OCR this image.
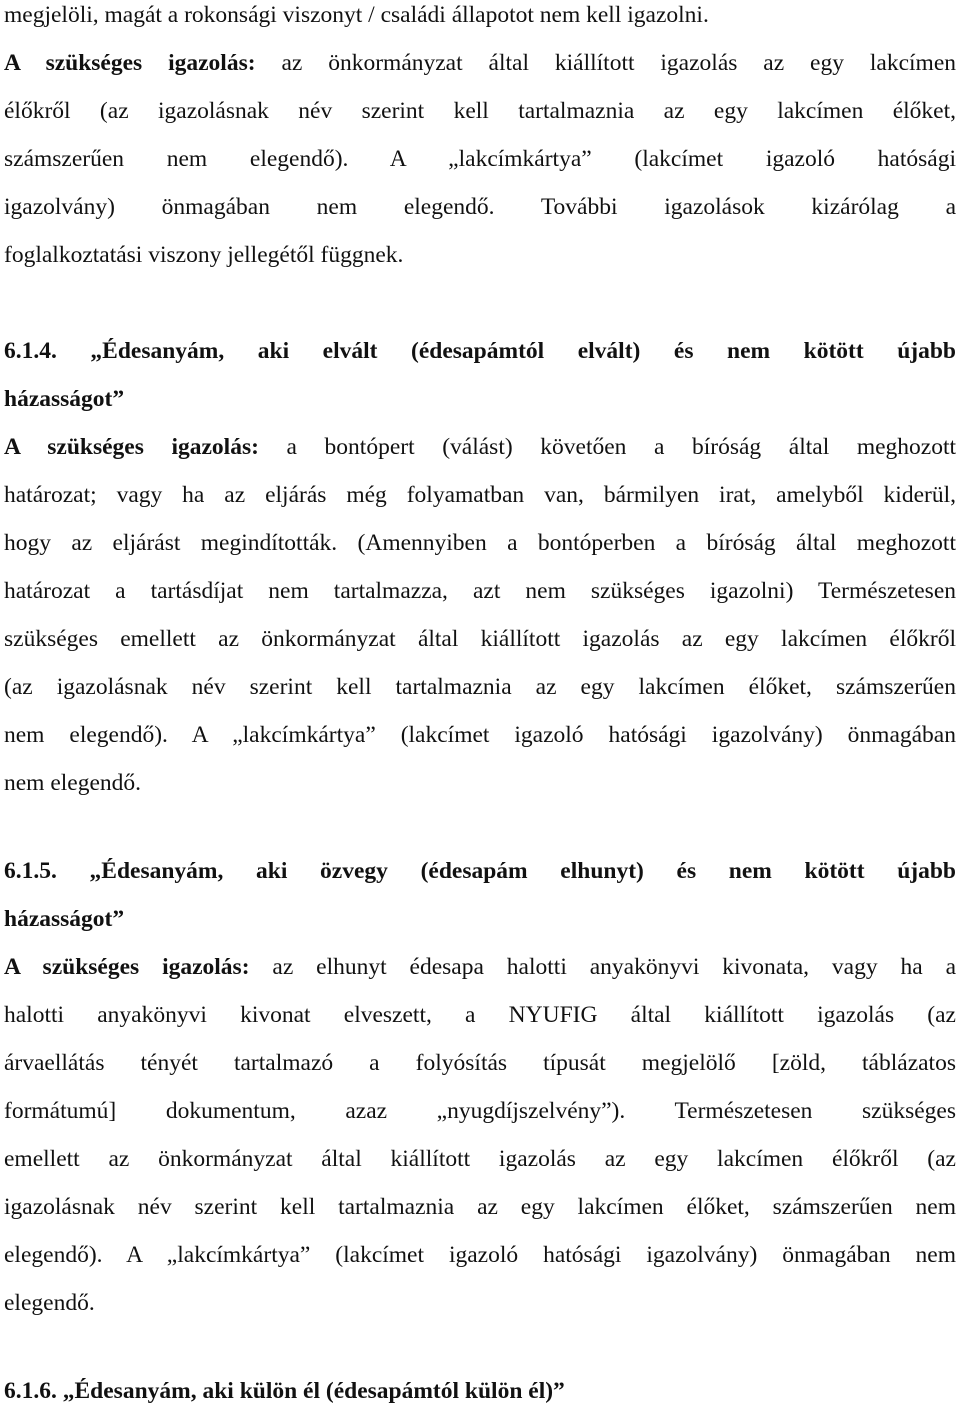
megjelöli, magát a rokonsági viszonyt / családi állapotot nem kell igazolni.
A szükséges igazolás: az önkormányzat által kiállított igazolás az egy lakcímen
élőkről (az igazolásnak név szerint kell tartalmaznia az egy lakcímen élőket,
számszerűen nem elegendő). A „lakcímkártya” (lakcímet igazoló hatósági
igazolvány) önmagában nem elegendő. További igazolások kizárólag a
foglalkoztatási viszony jellegétől függnek.
6.1.4. „Édesanyám, aki elvált (édesapámtól elvált) és nem kötött újabb
házasságot”
A szükséges igazolás: a bontópert (válást) követően a bíróság által meghozott
határozat; vagy ha az eljárás még folyamatban van, bármilyen irat, amelyből kiderül,
hogy az eljárást megindították. (Amennyiben a bontóperben a bíróság által meghozott
határozat a tartásdíjat nem tartalmazza, azt nem szükséges igazolni) Természetesen
szükséges emellett az önkormányzat által kiállított igazolás az egy lakcímen élőkről
(az igazolásnak név szerint kell tartalmaznia az egy lakcímen élőket, számszerűen
nem elegendő). A „lakcímkártya” (lakcímet igazoló hatósági igazolvány) önmagában
nem elegendő.
6.1.5. „Édesanyám, aki özvegy (édesapám elhunyt) és nem kötött újabb
házasságot”
A szükséges igazolás: az elhunyt édesapa halotti anyakönyvi kivonata, vagy ha a
halotti anyakönyvi kivonat elveszett, a NYUFIG által kiállított igazolás (az
árvaellátás tényét tartalmazó a folyósítás típusát megjelölő [zöld, táblázatos
formátumú] dokumentum, azaz „nyugdíjszelvény”). Természetesen szükséges
emellett az önkormányzat által kiállított igazolás az egy lakcímen élőkről (az
igazolásnak név szerint kell tartalmaznia az egy lakcímen élőket, számszerűen nem
elegendő). A „lakcímkártya” (lakcímet igazoló hatósági igazolvány) önmagában nem
elegendő.
6.1.6. „Édesanyám, aki külön él (édesapámtól külön él)”
